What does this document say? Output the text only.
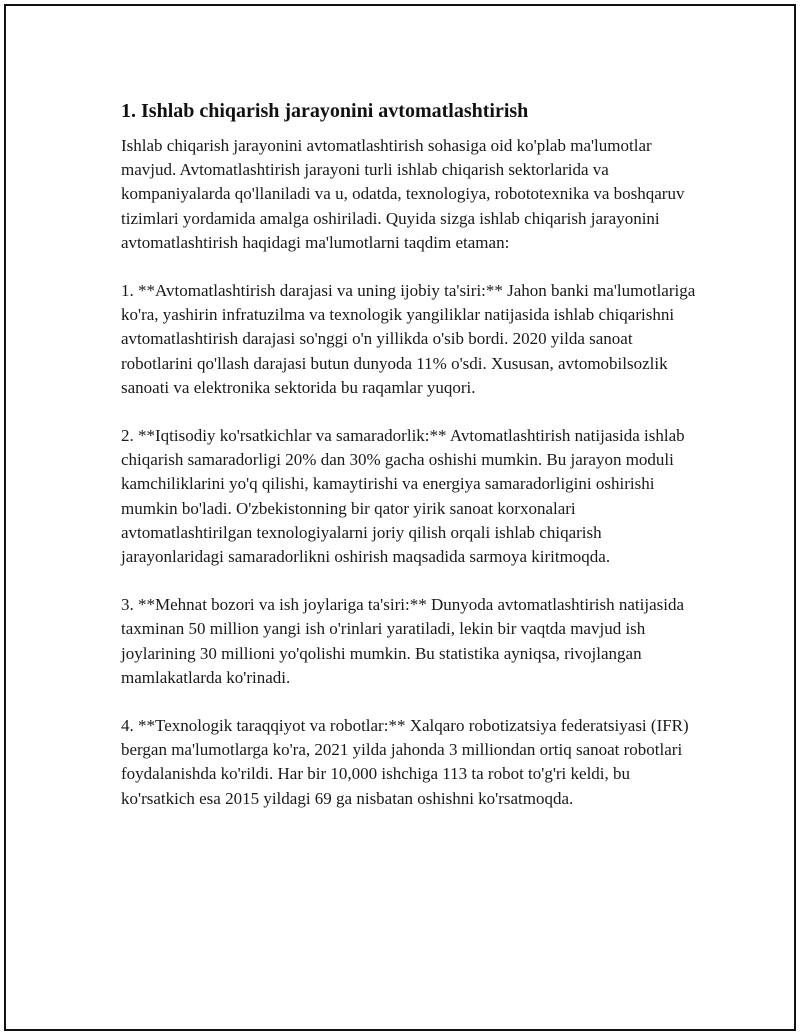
1. Ishlab chiqarish jarayonini avtomatlashtirish

Ishlab chiqarish jarayonini avtomatlashtirish sohasiga oid ko'plab ma'lumotlar mavjud. Avtomatlashtirish jarayoni turli ishlab chiqarish sektorlarida va kompaniyalarda qo'llaniladi va u, odatda, texnologiya, robototexnika va boshqaruv tizimlari yordamida amalga oshiriladi. Quyida sizga ishlab chiqarish jarayonini avtomatlashtirish haqidagi ma'lumotlarni taqdim etaman:

1. **Avtomatlashtirish darajasi va uning ijobiy ta'siri:** Jahon banki ma'lumotlariga ko'ra, yashirin infratuzilma va texnologik yangiliklar natijasida ishlab chiqarishni avtomatlashtirish darajasi so'nggi o'n yillikda o'sib bordi. 2020 yilda sanoat robotlarini qo'llash darajasi butun dunyoda 11% o'sdi. Xususan, avtomobilsozlik sanoati va elektronika sektorida bu raqamlar yuqori.

2. **Iqtisodiy ko'rsatkichlar va samaradorlik:** Avtomatlashtirish natijasida ishlab chiqarish samaradorligi 20% dan 30% gacha oshishi mumkin. Bu jarayon moduli kamchiliklarini yo'q qilishi, kamaytirishi va energiya samaradorligini oshirishi mumkin bo'ladi. O'zbekistonning bir qator yirik sanoat korxonalari avtomatlashtirilgan texnologiyalarni joriy qilish orqali ishlab chiqarish jarayonlaridagi samaradorlikni oshirish maqsadida sarmoya kiritmoqda.

3. **Mehnat bozori va ish joylariga ta'siri:** Dunyoda avtomatlashtirish natijasida taxminan 50 million yangi ish o'rinlari yaratiladi, lekin bir vaqtda mavjud ish joylarining 30 millioni yo'qolishi mumkin. Bu statistika ayniqsa, rivojlangan mamlakatlarda ko'rinadi.

4. **Texnologik taraqqiyot va robotlar:** Xalqaro robotizatsiya federatsiyasi (IFR) bergan ma'lumotlarga ko'ra, 2021 yilda jahonda 3 milliondan ortiq sanoat robotlari foydalanishda ko'rildi. Har bir 10,000 ishchiga 113 ta robot to'g'ri keldi, bu ko'rsatkich esa 2015 yildagi 69 ga nisbatan oshishni ko'rsatmoqda.
